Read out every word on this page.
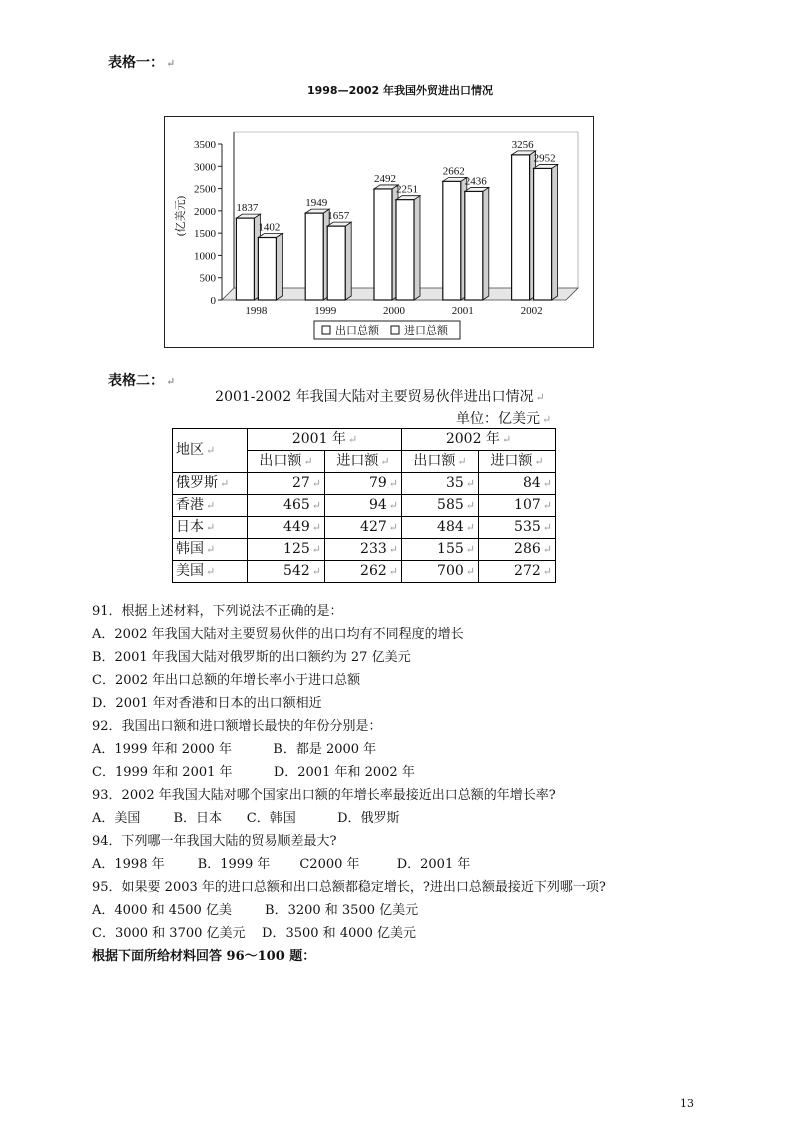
表格一： ↵
1998—2002 年我国外贸进出口情况
0
500
1000
1500
2000
2500
3000
3500
1837
1402
1949
1657
2492
2251
2662
2436
3256
2952
1998	1999	2000	2001	2002
(亿美元)
出口总额 进口总额
表格二： ↵
2001-2002 年我国大陆对主要贸易伙伴进出口情况 ↵
单位：亿美元 ↵
地区 ↵	2001 年 ↵		2002 年 ↵	
	出口额 ↵	进口额 ↵	出口额 ↵	进口额 ↵
俄罗斯 ↵	27 ↵	79 ↵	35 ↵	84 ↵
香港 ↵	465 ↵	94 ↵	585 ↵	107 ↵
日本 ↵	449 ↵	427 ↵	484 ↵	535 ↵
韩国 ↵	125 ↵	233 ↵	155 ↵	286 ↵
美国 ↵	542 ↵	262 ↵	700 ↵	272 ↵
91．根据上述材料，下列说法不正确的是：
A．2002 年我国大陆对主要贸易伙伴的出口均有不同程度的增长
B．2001 年我国大陆对俄罗斯的出口额约为 27 亿美元
C．2002 年出口总额的年增长率小于进口总额
D．2001 年对香港和日本的出口额相近
92．我国出口额和进口额增长最快的年份分别是：
A．1999 年和 2000 年          B．都是 2000 年
C．1999 年和 2001 年          D．2001 年和 2002 年
93．2002 年我国大陆对哪个国家出口额的年增长率最接近出口总额的年增长率?
A．美国        B．日本      C．韩国          D．俄罗斯
94．下列哪一年我国大陆的贸易顺差最大?
A．1998 年        B．1999 年       C2000 年         D．2001 年
95．如果要 2003 年的进口总额和出口总额都稳定增长，?进出口总额最接近下列哪一项?
A．4000 和 4500 亿美        B．3200 和 3500 亿美元
C．3000 和 3700 亿美元    D．3500 和 4000 亿美元
根据下面所给材料回答 96～100 题：
13
